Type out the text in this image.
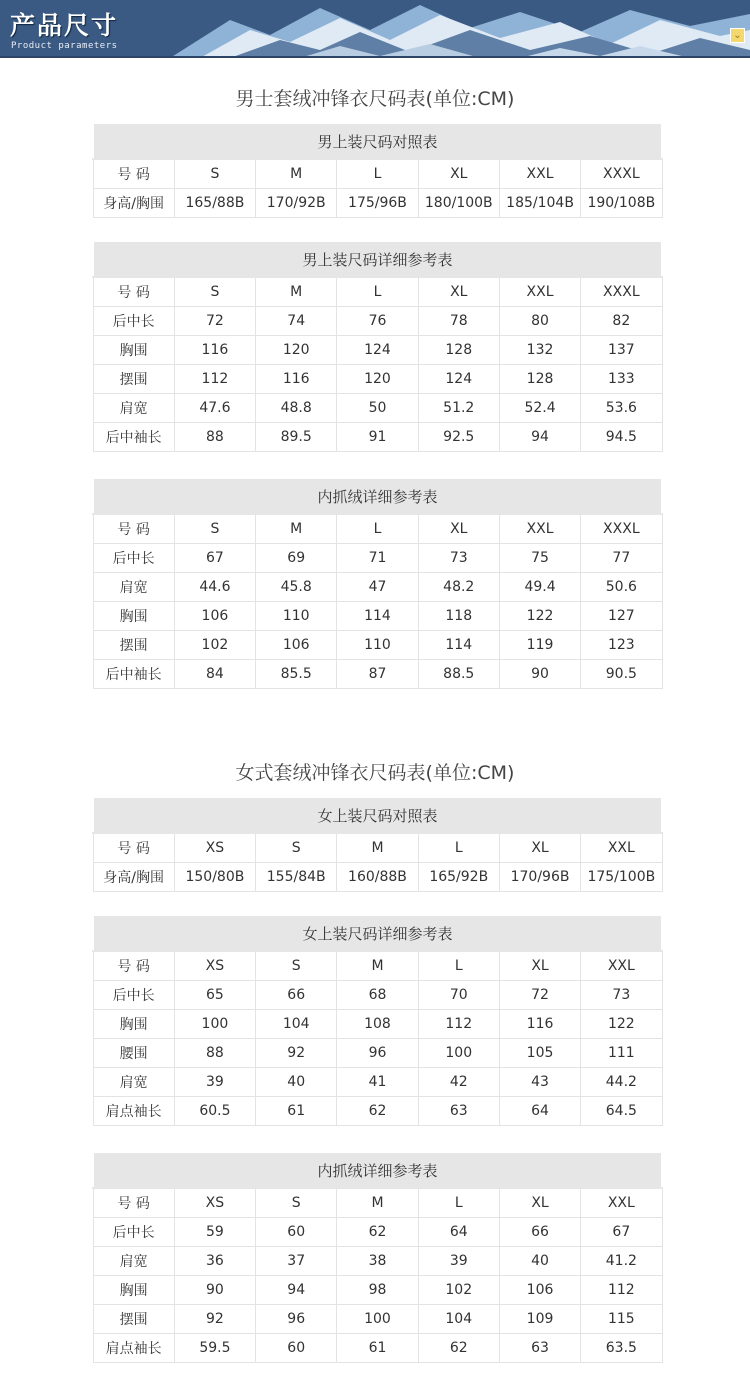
产品尺寸
Product parameters
⌄
男士套绒冲锋衣尺码表(单位:CM)
男上装尺码对照表						
号 码	S	M	L	XL	XXL	XXXL
身高/胸围	165/88B	170/92B	175/96B	180/100B	185/104B	190/108B
男上装尺码详细参考表						
号 码	S	M	L	XL	XXL	XXXL
后中长	72	74	76	78	80	82
胸围	116	120	124	128	132	137
摆围	112	116	120	124	128	133
肩宽	47.6	48.8	50	51.2	52.4	53.6
后中袖长	88	89.5	91	92.5	94	94.5
内抓绒详细参考表						
号 码	S	M	L	XL	XXL	XXXL
后中长	67	69	71	73	75	77
肩宽	44.6	45.8	47	48.2	49.4	50.6
胸围	106	110	114	118	122	127
摆围	102	106	110	114	119	123
后中袖长	84	85.5	87	88.5	90	90.5
女式套绒冲锋衣尺码表(单位:CM)
女上装尺码对照表						
号 码	XS	S	M	L	XL	XXL
身高/胸围	150/80B	155/84B	160/88B	165/92B	170/96B	175/100B
女上装尺码详细参考表						
号 码	XS	S	M	L	XL	XXL
后中长	65	66	68	70	72	73
胸围	100	104	108	112	116	122
腰围	88	92	96	100	105	111
肩宽	39	40	41	42	43	44.2
肩点袖长	60.5	61	62	63	64	64.5
内抓绒详细参考表						
号 码	XS	S	M	L	XL	XXL
后中长	59	60	62	64	66	67
肩宽	36	37	38	39	40	41.2
胸围	90	94	98	102	106	112
摆围	92	96	100	104	109	115
肩点袖长	59.5	60	61	62	63	63.5
